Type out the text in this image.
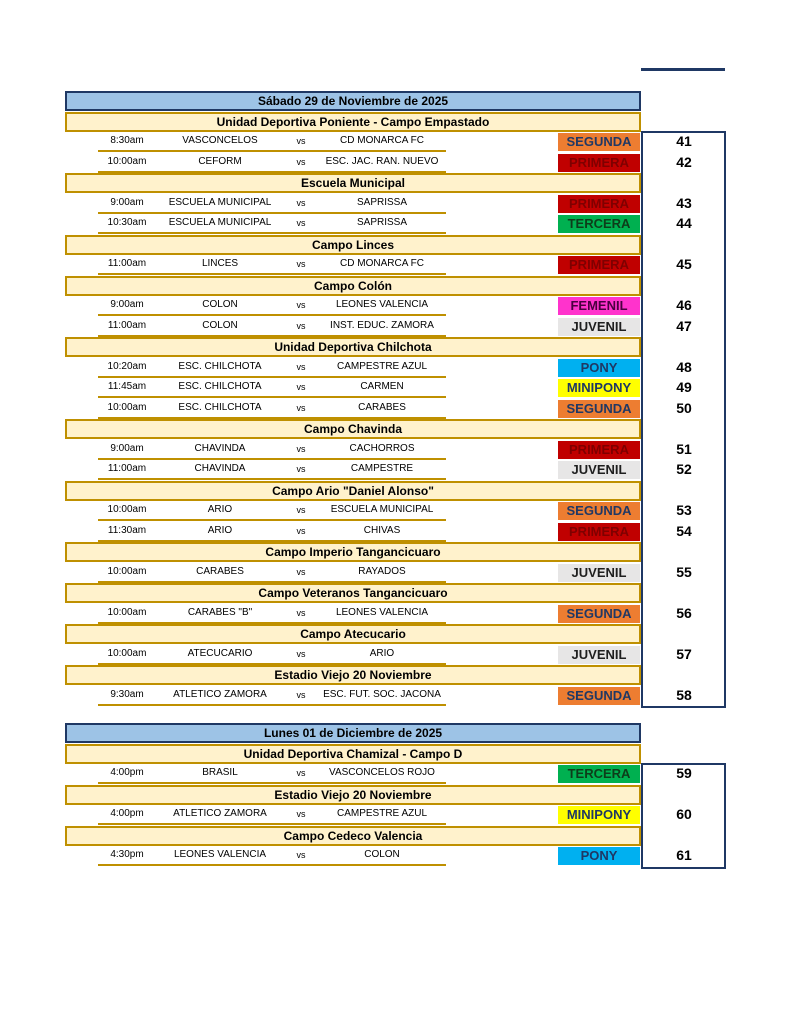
Sábado 29 de Noviembre de 2025
Unidad Deportiva Poniente - Campo Empastado
8:30am	VASCONCELOS	vs	CD MONARCA FC	SEGUNDA	41
10:00am	CEFORM	vs	ESC. JAC. RAN. NUEVO	PRIMERA	42
Escuela Municipal
9:00am	ESCUELA MUNICIPAL	vs	SAPRISSA	PRIMERA	43
10:30am	ESCUELA MUNICIPAL	vs	SAPRISSA	TERCERA	44
Campo Linces
11:00am	LINCES	vs	CD MONARCA FC	PRIMERA	45
Campo Colón
9:00am	COLON	vs	LEONES VALENCIA	FEMENIL	46
11:00am	COLON	vs	INST. EDUC. ZAMORA	JUVENIL	47
Unidad Deportiva Chilchota
10:20am	ESC. CHILCHOTA	vs	CAMPESTRE AZUL	PONY	48
11:45am	ESC. CHILCHOTA	vs	CARMEN	MINIPONY	49
10:00am	ESC. CHILCHOTA	vs	CARABES	SEGUNDA	50
Campo Chavinda
9:00am	CHAVINDA	vs	CACHORROS	PRIMERA	51
11:00am	CHAVINDA	vs	CAMPESTRE	JUVENIL	52
Campo Ario "Daniel Alonso"
10:00am	ARIO	vs	ESCUELA MUNICIPAL	SEGUNDA	53
11:30am	ARIO	vs	CHIVAS	PRIMERA	54
Campo Imperio Tangancicuaro
10:00am	CARABES	vs	RAYADOS	JUVENIL	55
Campo Veteranos Tangancicuaro
10:00am	CARABES "B"	vs	LEONES VALENCIA	SEGUNDA	56
Campo Atecucario
10:00am	ATECUCARIO	vs	ARIO	JUVENIL	57
Estadio Viejo 20 Noviembre
9:30am	ATLETICO ZAMORA	vs	ESC. FUT. SOC. JACONA	SEGUNDA	58
Lunes 01 de Diciembre de 2025
Unidad Deportiva Chamizal - Campo D
4:00pm	BRASIL	vs	VASCONCELOS ROJO	TERCERA	59
Estadio Viejo 20 Noviembre
4:00pm	ATLETICO ZAMORA	vs	CAMPESTRE AZUL	MINIPONY	60
Campo Cedeco Valencia
4:30pm	LEONES VALENCIA	vs	COLON	PONY	61
